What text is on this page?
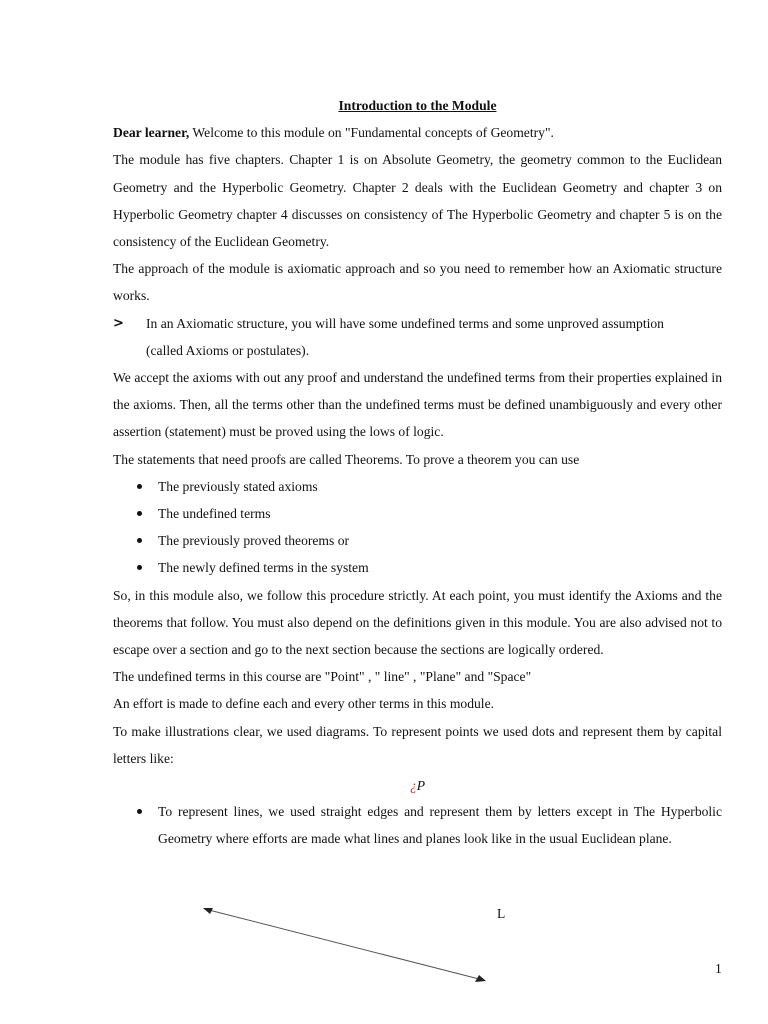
Introduction to the Module

Dear learner, Welcome to this module on "Fundamental concepts of Geometry".

The module has five chapters. Chapter 1 is on Absolute Geometry, the geometry common to the Euclidean Geometry and the Hyperbolic Geometry. Chapter 2 deals with the Euclidean Geometry and chapter 3 on Hyperbolic Geometry chapter 4 discusses on consistency of The Hyperbolic Geometry and chapter 5 is on the consistency of the Euclidean Geometry.

The approach of the module is axiomatic approach and so you need to remember how an Axiomatic structure works.

>	In an Axiomatic structure, you will have some undefined terms and some unproved assumption
(called Axioms or postulates).

We accept the axioms with out any proof and understand the undefined terms from their properties explained in the axioms. Then, all the terms other than the undefined terms must be defined unambiguously and every other assertion (statement) must be proved using the lows of logic.

The statements that need proofs are called Theorems. To prove a theorem you can use

The previously stated axioms
The undefined terms
The previously proved theorems or
The newly defined terms in the system

So, in this module also, we follow this procedure strictly. At each point, you must identify the Axioms and the theorems that follow. You must also depend on the definitions given in this module. You are also advised not to escape over a section and go to the next section because the sections are logically ordered.

The undefined terms in this course are "Point" , " line" , "Plane" and "Space"

An effort is made to define each and every other terms in this module.

To make illustrations clear, we used diagrams. To represent points we used dots and represent them by capital letters like:

¿P
To represent lines, we used straight edges and represent them by letters except in The Hyperbolic Geometry where efforts are made what lines and planes look like in the usual Euclidean plane.
L
1
